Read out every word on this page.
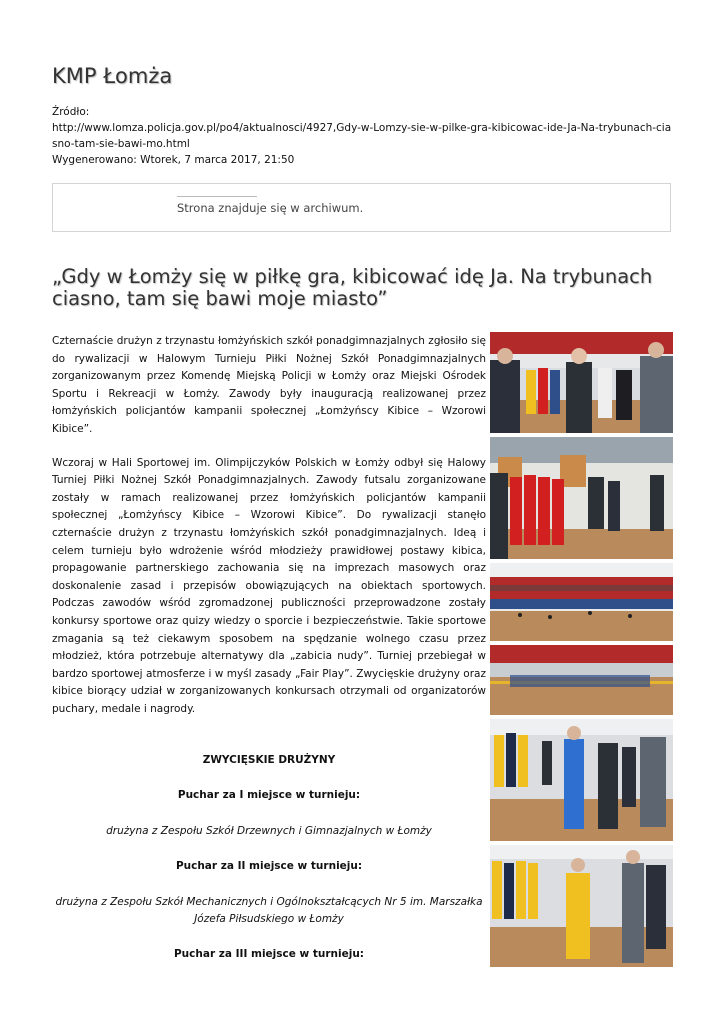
KMP Łomża
Źródło:
http://www.lomza.policja.gov.pl/po4/aktualnosci/4927,Gdy-w-Lomzy-sie-w-pilke-gra-kibicowac-ide-Ja-Na-trybunach-ciasno-tam-sie-bawi-mo.html
Wygenerowano: Wtorek, 7 marca 2017, 21:50
Strona znajduje się w archiwum.
„Gdy w Łomży się w piłkę gra, kibicować idę Ja. Na trybunach ciasno, tam się bawi moje miasto”

Czternaście drużyn z trzynastu łomżyńskich szkół ponadgimnazjalnych zgłosiło się do rywalizacji w Halowym Turnieju Piłki Nożnej Szkół Ponadgimnazjalnych zorganizowanym przez Komendę Miejską Policji w Łomży oraz Miejski Ośrodek Sportu i Rekreacji w Łomży. Zawody były inauguracją realizowanej przez łomżyńskich policjantów kampanii społecznej „Łomżyńscy Kibice – Wzorowi Kibice”.

Wczoraj w Hali Sportowej im. Olimpijczyków Polskich w Łomży odbył się Halowy Turniej Piłki Nożnej Szkół Ponadgimnazjalnych. Zawody futsalu zorganizowane zostały w ramach realizowanej przez łomżyńskich policjantów kampanii społecznej „Łomżyńscy Kibice – Wzorowi Kibice”. Do rywalizacji stanęło czternaście drużyn z trzynastu łomżyńskich szkół ponadgimnazjalnych. Ideą i celem turnieju było wdrożenie wśród młodzieży prawidłowej postawy kibica, propagowanie partnerskiego zachowania się na imprezach masowych oraz doskonalenie zasad i przepisów obowiązujących na obiektach sportowych. Podczas zawodów wśród zgromadzonej publiczności przeprowadzone zostały konkursy sportowe oraz quizy wiedzy o sporcie i bezpieczeństwie. Takie sportowe zmagania są też ciekawym sposobem na spędzanie wolnego czasu przez młodzież, która potrzebuje alternatywy dla „zabicia nudy”. Turniej przebiegał w bardzo sportowej atmosferze i w myśl zasady „Fair Play”. Zwycięskie drużyny oraz kibice biorący udział w zorganizowanych konkursach otrzymali od organizatorów puchary, medale i nagrody.

ZWYCIĘSKIE DRUŻYNY

Puchar za I miejsce w turnieju:

drużyna z Zespołu Szkół Drzewnych i Gimnazjalnych w Łomży

Puchar za II miejsce w turnieju:

drużyna z Zespołu Szkół Mechanicznych i Ogólnokształcących Nr 5 im. Marszałka Józefa Piłsudskiego w Łomży

Puchar za III miejsce w turnieju:
